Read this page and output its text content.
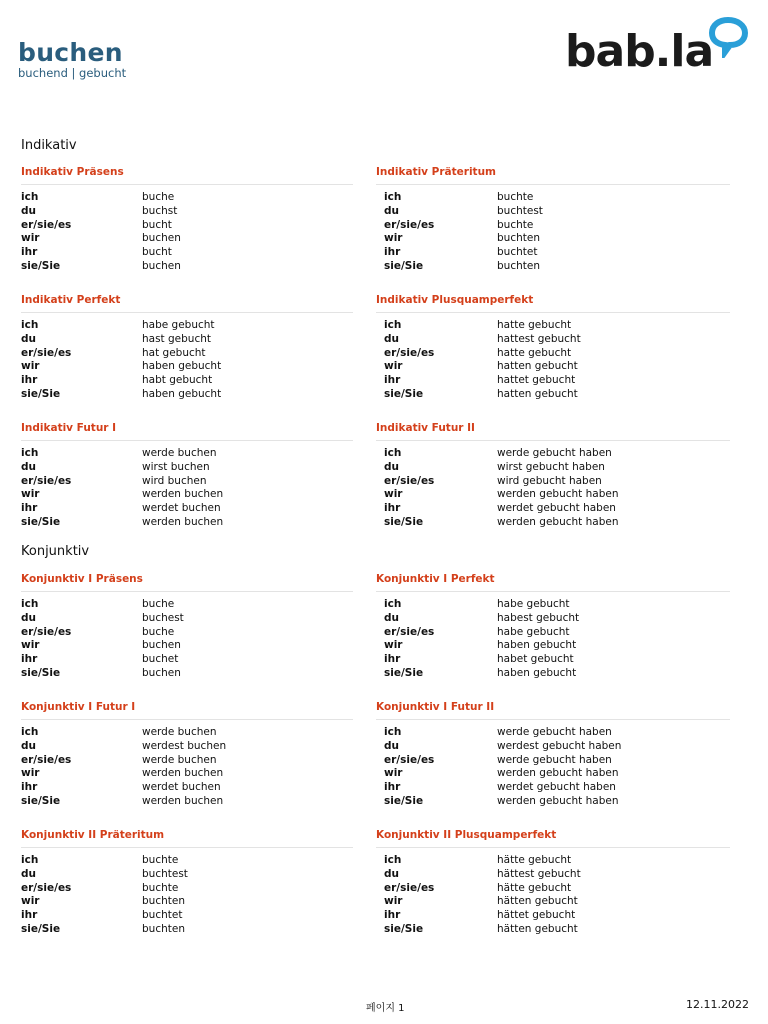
buchen
buchend | gebucht	bab.la
Indikativ
Konjunktiv
Indikativ Präsens
ich	buche
du	buchst
er/sie/es	bucht
wir	buchen
ihr	bucht
sie/Sie	buchen
Indikativ Präteritum
ich	buchte
du	buchtest
er/sie/es	buchte
wir	buchten
ihr	buchtet
sie/Sie	buchten
Indikativ Perfekt
ich	habe gebucht
du	hast gebucht
er/sie/es	hat gebucht
wir	haben gebucht
ihr	habt gebucht
sie/Sie	haben gebucht
Indikativ Plusquamperfekt
ich	hatte gebucht
du	hattest gebucht
er/sie/es	hatte gebucht
wir	hatten gebucht
ihr	hattet gebucht
sie/Sie	hatten gebucht
Indikativ Futur I
ich	werde buchen
du	wirst buchen
er/sie/es	wird buchen
wir	werden buchen
ihr	werdet buchen
sie/Sie	werden buchen
Indikativ Futur II
ich	werde gebucht haben
du	wirst gebucht haben
er/sie/es	wird gebucht haben
wir	werden gebucht haben
ihr	werdet gebucht haben
sie/Sie	werden gebucht haben
Konjunktiv I Präsens
ich	buche
du	buchest
er/sie/es	buche
wir	buchen
ihr	buchet
sie/Sie	buchen
Konjunktiv I Perfekt
ich	habe gebucht
du	habest gebucht
er/sie/es	habe gebucht
wir	haben gebucht
ihr	habet gebucht
sie/Sie	haben gebucht
Konjunktiv I Futur I
ich	werde buchen
du	werdest buchen
er/sie/es	werde buchen
wir	werden buchen
ihr	werdet buchen
sie/Sie	werden buchen
Konjunktiv I Futur II
ich	werde gebucht haben
du	werdest gebucht haben
er/sie/es	werde gebucht haben
wir	werden gebucht haben
ihr	werdet gebucht haben
sie/Sie	werden gebucht haben
Konjunktiv II Präteritum
ich	buchte
du	buchtest
er/sie/es	buchte
wir	buchten
ihr	buchtet
sie/Sie	buchten
Konjunktiv II Plusquamperfekt
ich	hätte gebucht
du	hättest gebucht
er/sie/es	hätte gebucht
wir	hätten gebucht
ihr	hättet gebucht
sie/Sie	hätten gebucht
페이지 1	12.11.2022
